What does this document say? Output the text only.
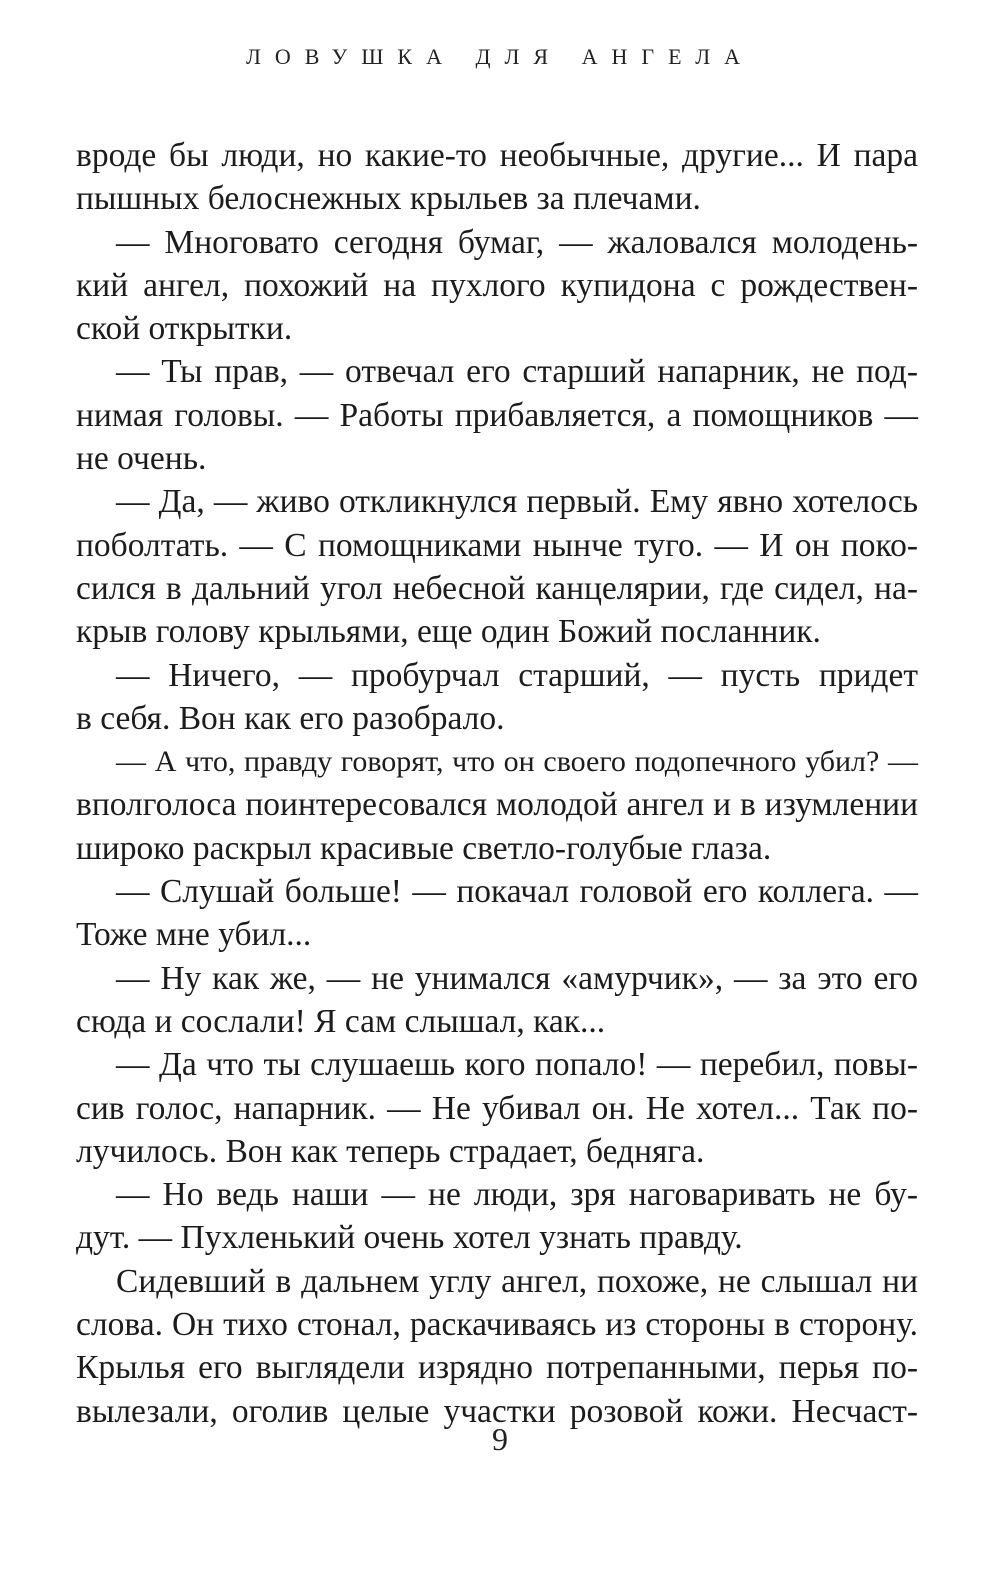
ЛОВУШКА ДЛЯ АНГЕЛА
вроде бы люди, но какие-то необычные, другие... И пара
пышных белоснежных крыльев за плечами.
— Многовато сегодня бумаг, — жаловался молодень-
кий ангел, похожий на пухлого купидона с рождествен-
ской открытки.
— Ты прав, — отвечал его старший напарник, не под-
нимая головы. — Работы прибавляется, а помощников —
не очень.
— Да, — живо откликнулся первый. Ему явно хотелось
поболтать. — С помощниками нынче туго. — И он поко-
сился в дальний угол небесной канцелярии, где сидел, на-
крыв голову крыльями, еще один Божий посланник.
— Ничего, — пробурчал старший, — пусть придет
в себя. Вон как его разобрало.
— А что, правду говорят, что он своего подопечного убил? —
вполголоса поинтересовался молодой ангел и в изумлении
широко раскрыл красивые светло-голубые глаза.
— Слушай больше! — покачал головой его коллега. —
Тоже мне убил...
— Ну как же, — не унимался «амурчик», — за это его
сюда и сослали! Я сам слышал, как...
— Да что ты слушаешь кого попало! — перебил, повы-
сив голос, напарник. — Не убивал он. Не хотел... Так по-
лучилось. Вон как теперь страдает, бедняга.
— Но ведь наши — не люди, зря наговаривать не бу-
дут. — Пухленький очень хотел узнать правду.
Сидевший в дальнем углу ангел, похоже, не слышал ни
слова. Он тихо стонал, раскачиваясь из стороны в сторону.
Крылья его выглядели изрядно потрепанными, перья по-
вылезали, оголив целые участки розовой кожи. Несчаст-
9
